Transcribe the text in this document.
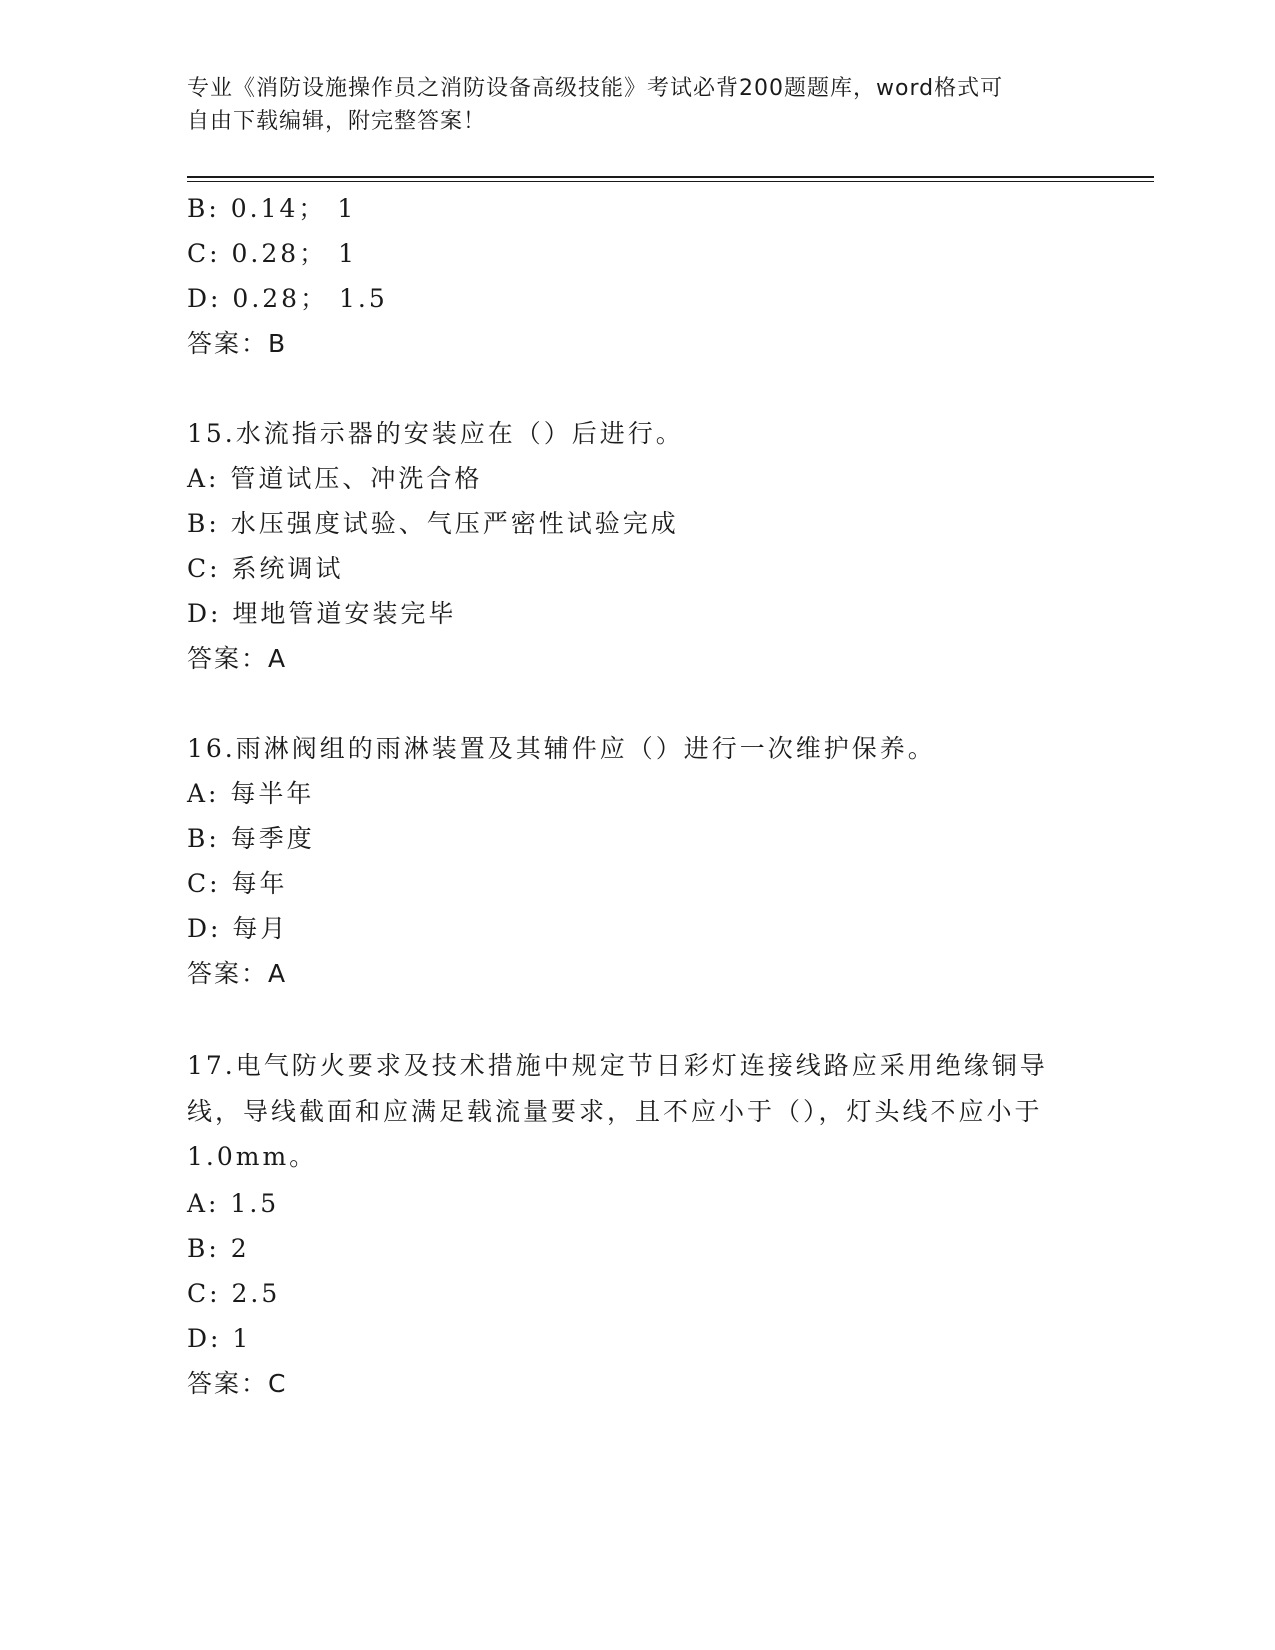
专业《消防设施操作员之消防设备高级技能》考试必背200题题库，word格式可
自由下载编辑，附完整答案！
B: 0.14； 1
C: 0.28； 1
D: 0.28； 1.5
答案：B
15.水流指示器的安装应在（）后进行。
A: 管道试压、冲洗合格
B: 水压强度试验、气压严密性试验完成
C: 系统调试
D: 埋地管道安装完毕
答案：A
16.雨淋阀组的雨淋装置及其辅件应（）进行一次维护保养。
A: 每半年
B: 每季度
C: 每年
D: 每月
答案：A
17.电气防火要求及技术措施中规定节日彩灯连接线路应采用绝缘铜导线，导线截面和应满足载流量要求，且不应小于（），灯头线不应小于1.0mm。
A: 1.5
B: 2
C: 2.5
D: 1
答案：C
